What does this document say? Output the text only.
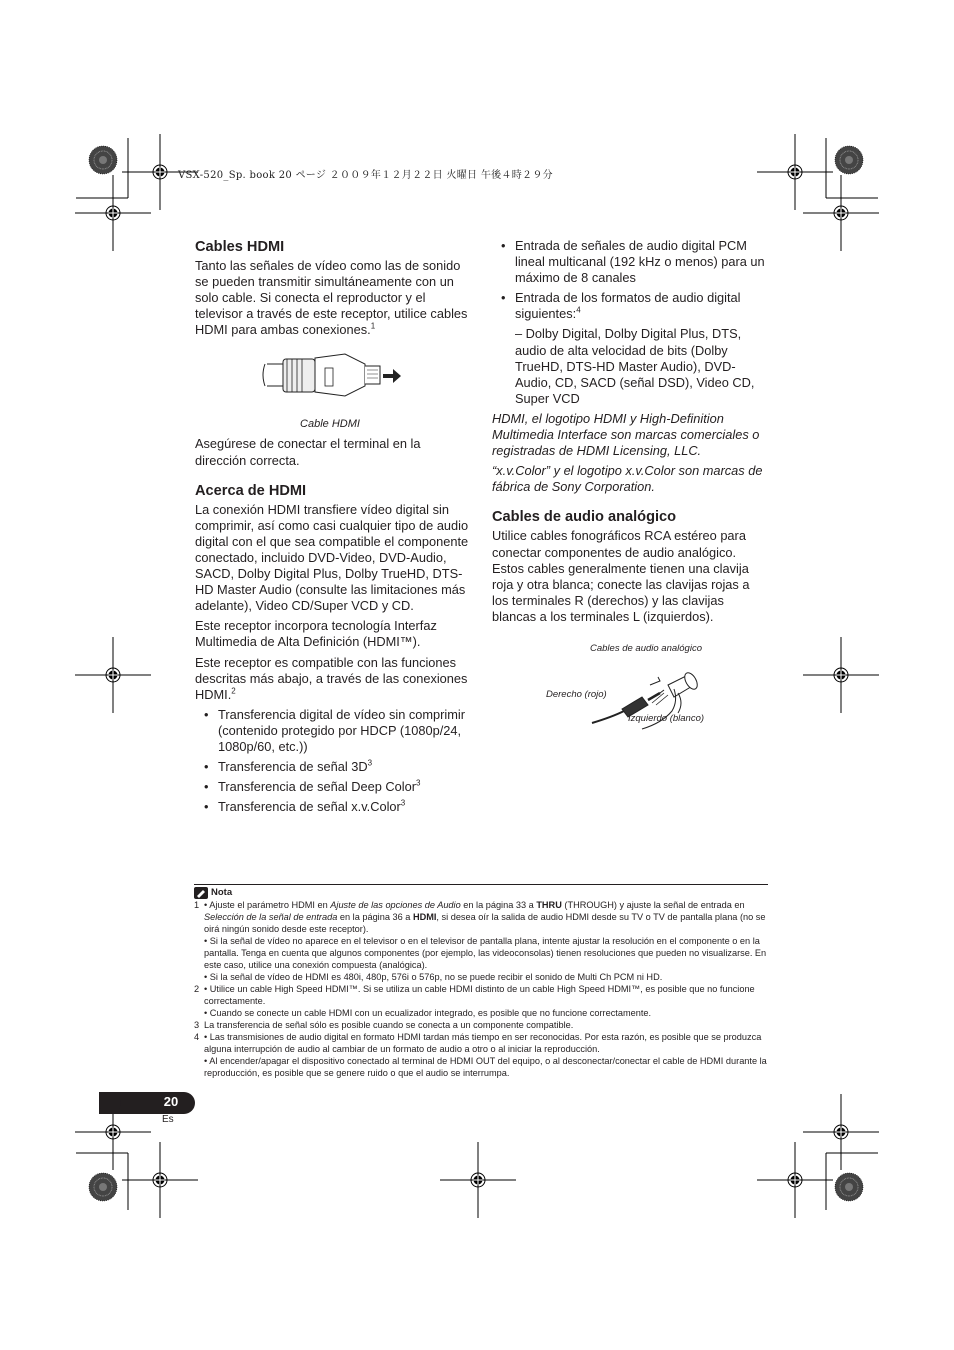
VSX-520_Sp. book 20 ページ ２００９年１２月２２日 火曜日 午後４時２９分
Cables HDMI

Tanto las señales de vídeo como las de sonido se pueden transmitir simultáneamente con un solo cable. Si conecta el reproductor y el televisor a través de este receptor, utilice cables HDMI para ambas conexiones.$^1$

Cable HDMI

Asegúrese de conectar el terminal en la dirección correcta.

Acerca de HDMI

La conexión HDMI transfiere vídeo digital sin comprimir, así como casi cualquier tipo de audio digital con el que sea compatible el componente conectado, incluido DVD-Video, DVD-Audio, SACD, Dolby Digital Plus, Dolby TrueHD, DTS-HD Master Audio (consulte las limitaciones más adelante), Video CD/Super VCD y CD.

Este receptor incorpora tecnología Interfaz Multimedia de Alta Definición (HDMI™).

Este receptor es compatible con las funciones descritas más abajo, a través de las conexiones HDMI.$^2$

• Transferencia digital de vídeo sin comprimir (contenido protegido por HDCP (1080p/24, 1080p/60, etc.))
• Transferencia de señal $3D^3$
• Transferencia de señal Deep Color$^3$
• Transferencia de señal x.v.Color$^3$
• Entrada de señales de audio digital PCM lineal multicanal (192 kHz o menos) para un máximo de 8 canales
• Entrada de los formatos de audio digital siguientes:$^4$

– Dolby Digital, Dolby Digital Plus, DTS, audio de alta velocidad de bits (Dolby TrueHD, DTS-HD Master Audio), DVD-Audio, CD, SACD (señal DSD), Video CD, Super VCD

HDMI, el logotipo HDMI y High-Definition Multimedia Interface son marcas comerciales o registradas de HDMI Licensing, LLC.

“x.v.Color” y el logotipo x.v.Color son marcas de fábrica de Sony Corporation.

Cables de audio analógico

Utilice cables fonográficos RCA estéreo para conectar componentes de audio analógico. Estos cables generalmente tienen una clavija roja y otra blanca; conecte las clavijas rojas a los terminales R (derechos) y las clavijas blancas a los terminales L (izquierdos).

Cables de audio analógico
Derecho (rojo)
Izquierdo (blanco)
Nota
1 • Ajuste el parámetro HDMI en Ajuste de las opciones de Audio en la página 33 a THRU (THROUGH) y ajuste la señal de entrada en Selección de la señal de entrada en la página 36 a HDMI, si desea oír la salida de audio HDMI desde su TV o TV de pantalla plana (no se oirá ningún sonido desde este receptor).
• Si la señal de vídeo no aparece en el televisor o en el televisor de pantalla plana, intente ajustar la resolución en el componente o en la pantalla. Tenga en cuenta que algunos componentes (por ejemplo, las videoconsolas) tienen resoluciones que pueden no visualizarse. En este caso, utilice una conexión compuesta (analógica).
• Si la señal de vídeo de HDMI es 480i, 480p, 576i o 576p, no se puede recibir el sonido de Multi Ch PCM ni HD.
2 • Utilice un cable High Speed HDMI™. Si se utiliza un cable HDMI distinto de un cable High Speed HDMI™, es posible que no funcione correctamente.
• Cuando se conecte un cable HDMI con un ecualizador integrado, es posible que no funcione correctamente.
3 La transferencia de señal sólo es posible cuando se conecta a un componente compatible.
4 • Las transmisiones de audio digital en formato HDMI tardan más tiempo en ser reconocidas. Por esta razón, es posible que se produzca alguna interrupción de audio al cambiar de un formato de audio a otro o al iniciar la reproducción.
• Al encender/apagar el dispositivo conectado al terminal de HDMI OUT del equipo, o al desconectar/conectar el cable de HDMI durante la reproducción, es posible que se genere ruido o que el audio se interrumpa.
20
Es
